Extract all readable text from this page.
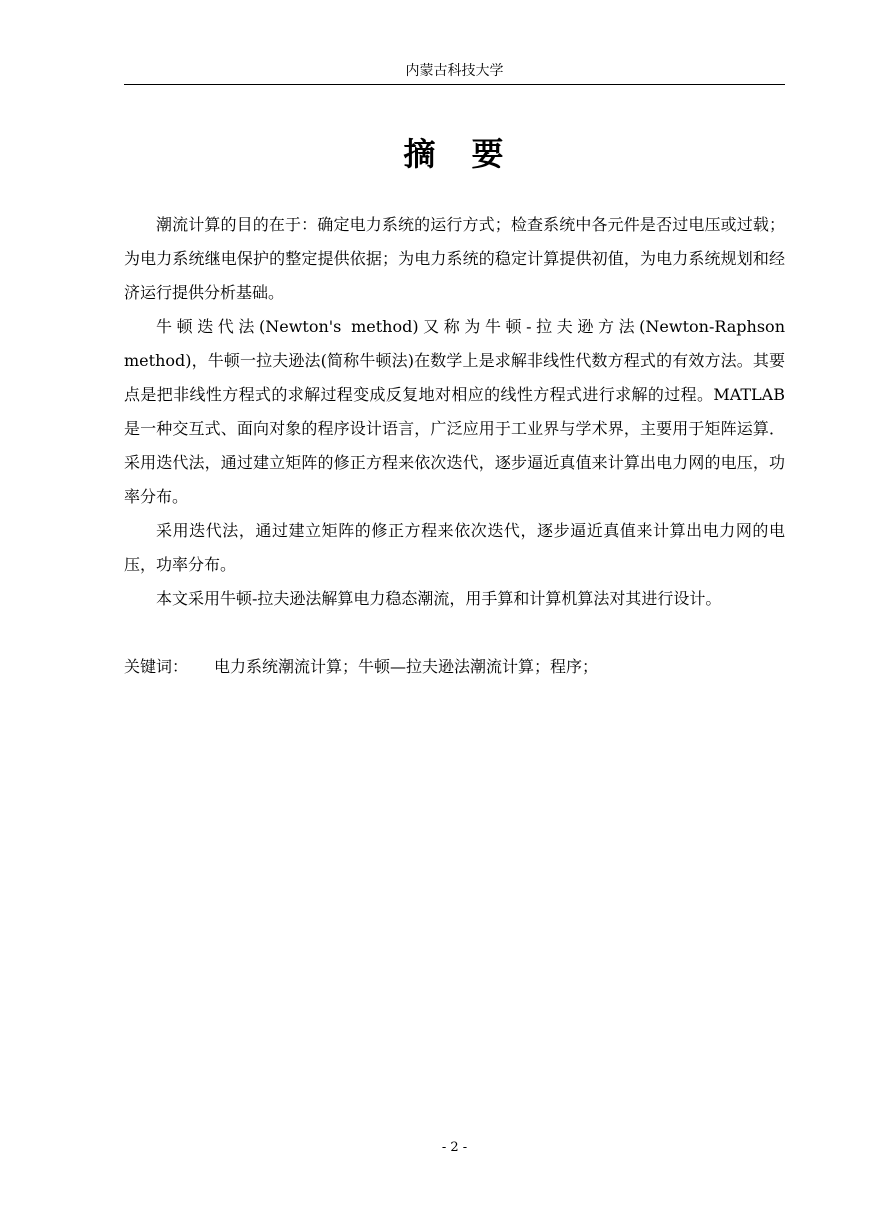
内蒙古科技大学
摘　要

潮流计算的目的在于：确定电力系统的运行方式；检查系统中各元件是否过电压或过载；为电力系统继电保护的整定提供依据；为电力系统的稳定计算提供初值，为电力系统规划和经济运行提供分析基础。

牛顿迭代法(Newton's method)又称为牛顿-拉夫逊方法(Newton-Raphson method)，牛顿一拉夫逊法(简称牛顿法)在数学上是求解非线性代数方程式的有效方法。其要点是把非线性方程式的求解过程变成反复地对相应的线性方程式进行求解的过程。MATLAB是一种交互式、面向对象的程序设计语言，广泛应用于工业界与学术界，主要用于矩阵运算．采用迭代法，通过建立矩阵的修正方程来依次迭代，逐步逼近真值来计算出电力网的电压，功率分布。

采用迭代法，通过建立矩阵的修正方程来依次迭代，逐步逼近真值来计算出电力网的电压，功率分布。

本文采用牛顿-拉夫逊法解算电力稳态潮流，用手算和计算机算法对其进行设计。

关键词： 电力系统潮流计算；牛顿—拉夫逊法潮流计算；程序；
- 2 -
